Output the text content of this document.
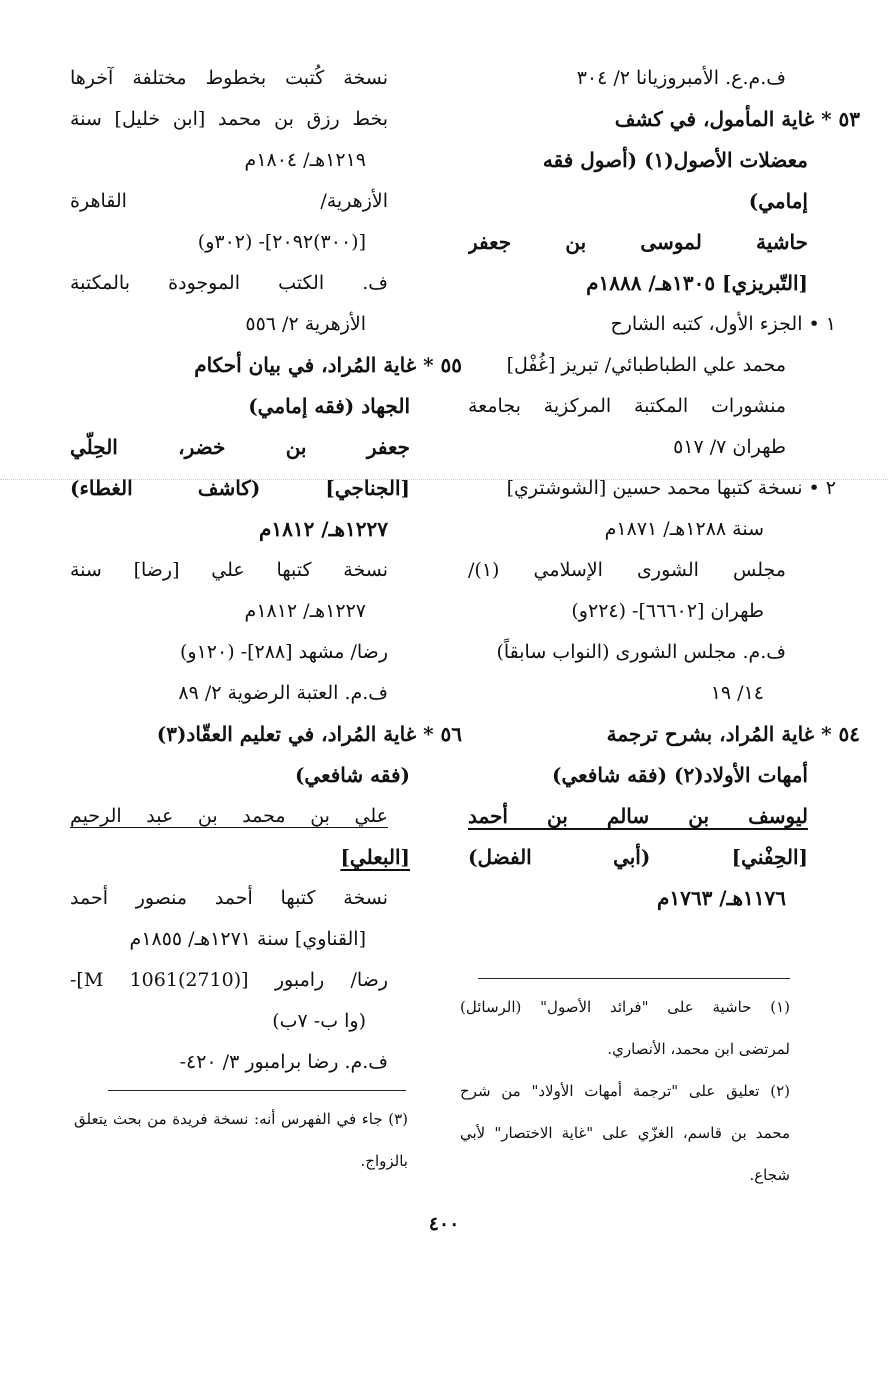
ف.م.ع. الأمبروزيانا ٢/ ٣٠٤
٥٣ * غاية المأمول، في كشف
معضلات الأصول(١) (أصول فقه
إمامي)
حاشية لموسى بن جعفر
[التّبريزي] ١٣٠٥هـ/ ١٨٨٨م
١ • الجزء الأول، كتبه الشارح
محمد علي الطباطبائي/ تبريز [غُفْل]
منشورات المكتبة المركزية بجامعة
طهران ٧/ ٥١٧
٢ • نسخة كتبها محمد حسين [الشوشتري]
سنة ١٢٨٨هـ/ ١٨٧١م
مجلس الشورى الإسلامي (١)/
طهران [٦٦٦٠٢]- (٢٢٤و)
ف.م. مجلس الشورى (النواب سابقاً)
١٤/ ١٩
٥٤ * غاية المُراد، بشرح ترجمة
أمهات الأولاد(٢) (فقه شافعي)
ليوسف بن سالم بن أحمد
[الحِفْني] (أبي الفضل)
١١٧٦هـ/ ١٧٦٣م
نسخة كُتبت بخطوط مختلفة آخرها
بخط رزق بن محمد [ابن خليل] سنة
١٢١٩هـ/ ١٨٠٤م
الأزهرية/ القاهرة
[(٣٠٠)٢٠٩٢]- (٣٠٢و)
ف. الكتب الموجودة بالمكتبة
الأزهرية ٢/ ٥٥٦
٥٥ * غاية المُراد، في بيان أحكام
الجهاد (فقه إمامي)
جعفر بن خضر، الحِلّي
[الجناجي] (كاشف الغطاء)
١٢٢٧هـ/ ١٨١٢م
نسخة كتبها علي [رضا] سنة
١٢٢٧هـ/ ١٨١٢م
رضا/ مشهد [٢٨٨]- (١٢٠و)
ف.م. العتبة الرضوية ٢/ ٨٩
٥٦ * غاية المُراد، في تعليم العقّاد(٣)
(فقه شافعي)
علي بن محمد بن عبد الرحيم
[البعلي]
نسخة كتبها أحمد منصور أحمد
[القناوي] سنة ١٢٧١هـ/ ١٨٥٥م
رضا/ رامبور [M 1061(2710)]-
(وا ب- ٧ب)
ف.م. رضا برامبور ٣/ ٤٢٠-
(١) حاشية على "فرائد الأصول" (الرسائل)
لمرتضى ابن محمد، الأنصاري.
(٢) تعليق على "ترجمة أمهات الأولاد" من شرح
محمد بن قاسم، الغزّي على "غاية الاختصار" لأبي
شجاع.
(٣) جاء في الفهرس أنه: نسخة فريدة من بحث يتعلق
بالزواج.
٤٠٠
